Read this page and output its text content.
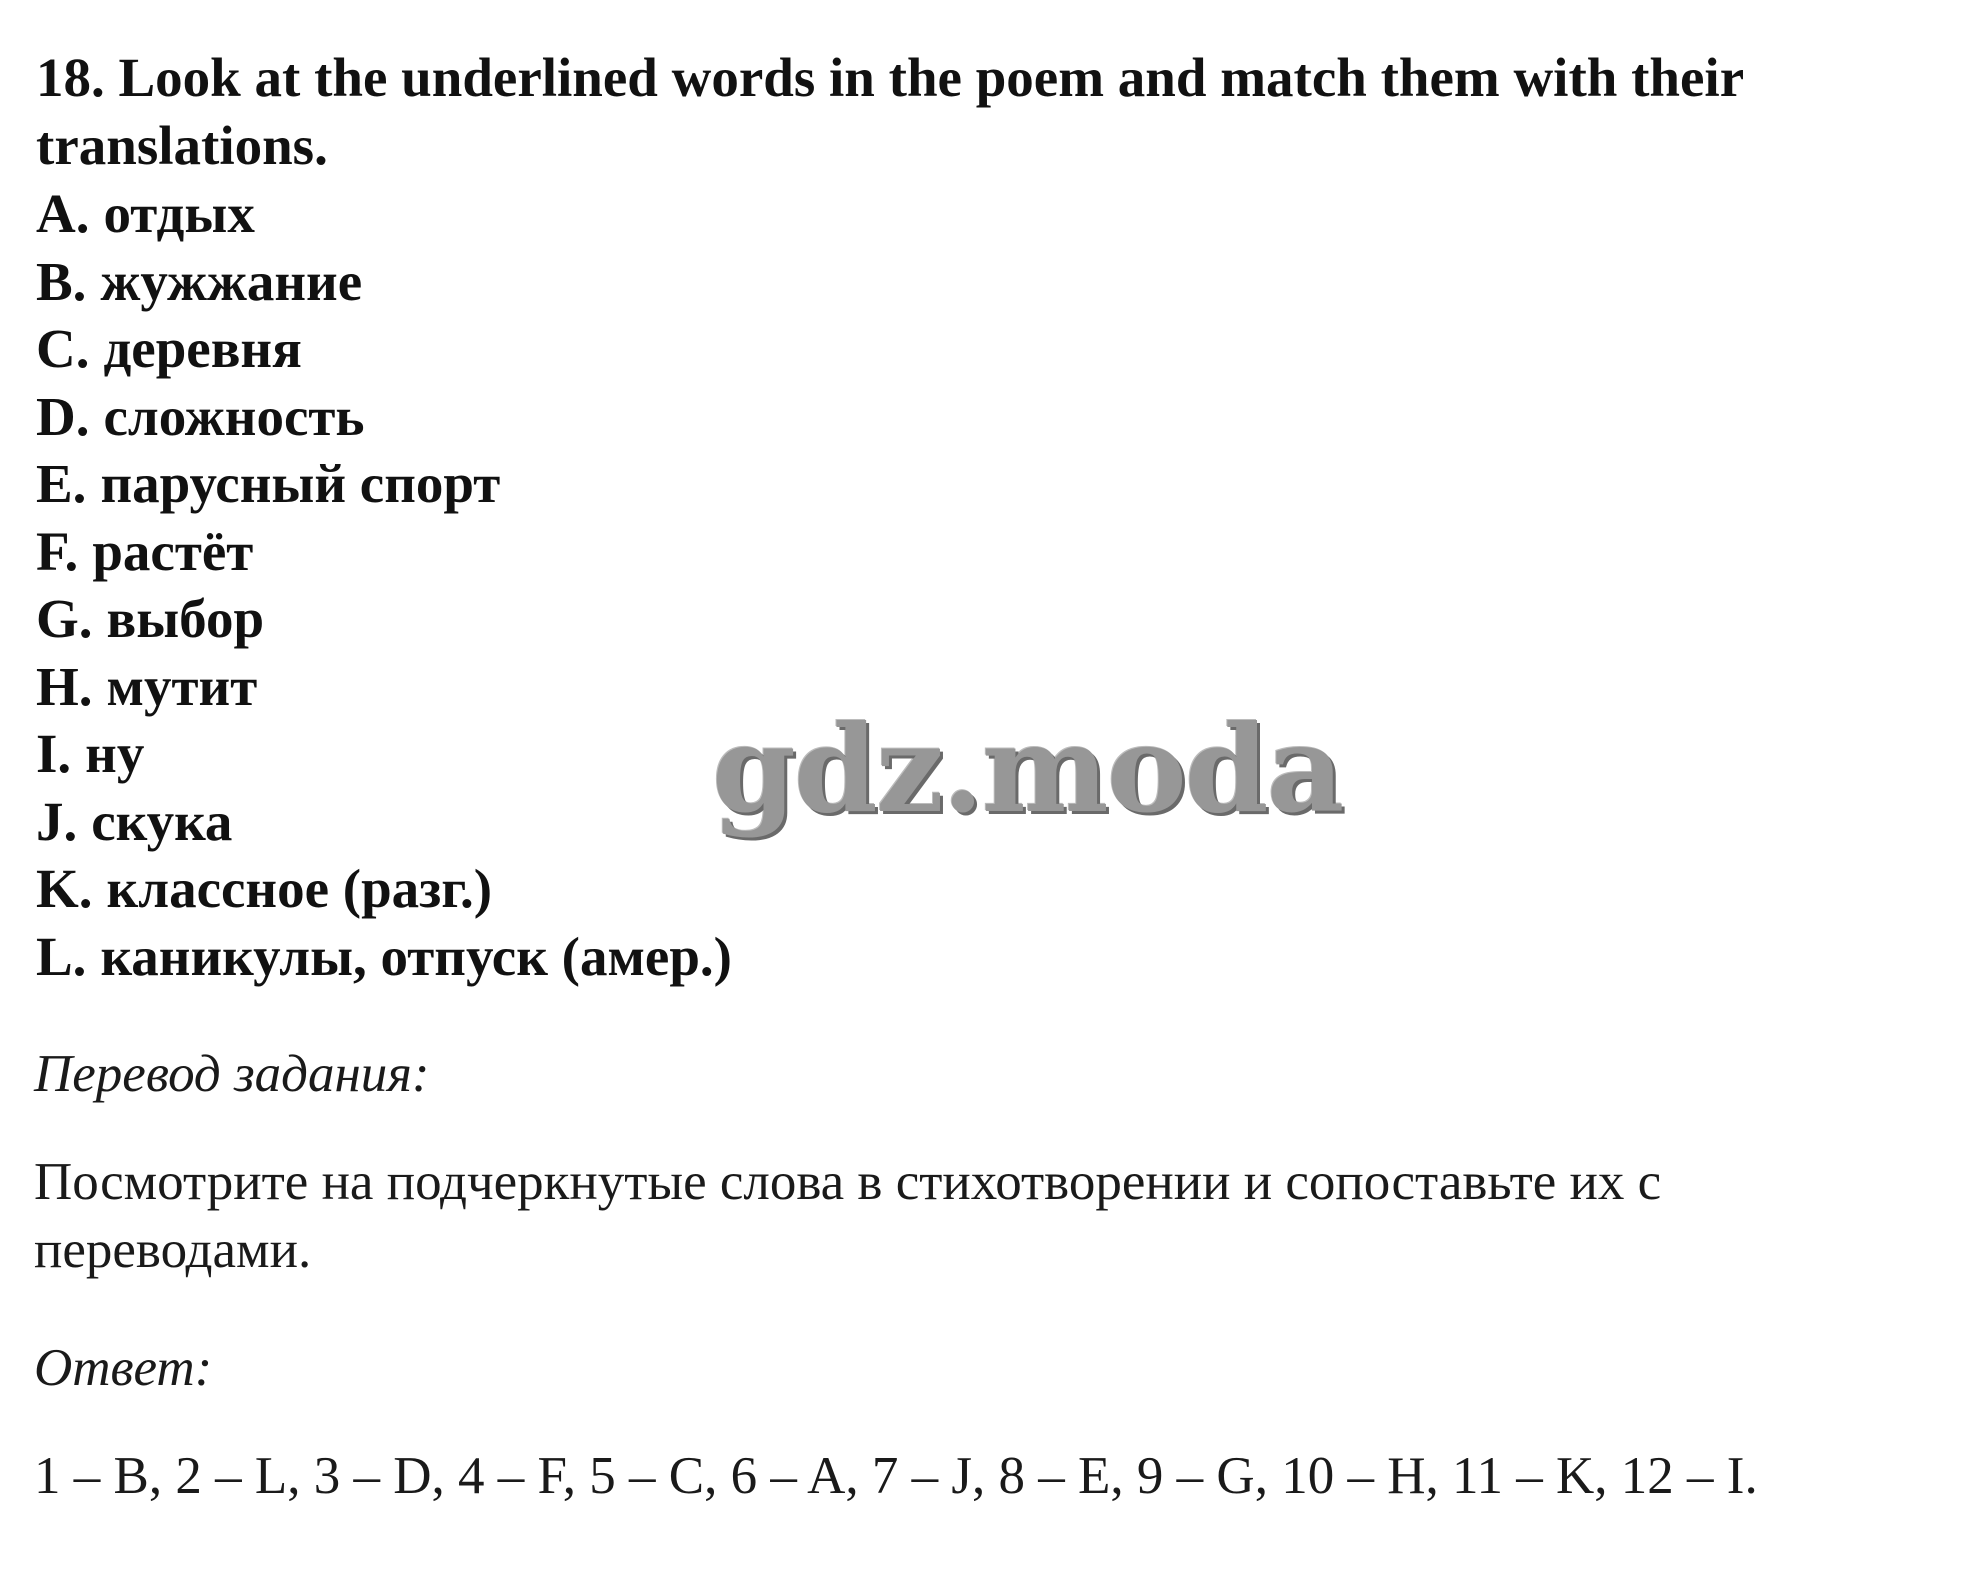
18. Look at the underlined words in the poem and match them with their translations.

A. отдых
B. жужжание
C. деревня
D. сложность
E. парусный спорт
F. растёт
G. выбор
H. мутит
I. ну
J. скука
K. классное (разг.)
L. каникулы, отпуск (амер.)
gdz.moda

Перевод задания:

Посмотрите на подчеркнутые слова в стихотворении и сопоставьте их с переводами.

Ответ:

1 – B, 2 – L, 3 – D, 4 – F, 5 – C, 6 – A, 7 – J, 8 – E, 9 – G, 10 – H, 11 – K, 12 – I.
